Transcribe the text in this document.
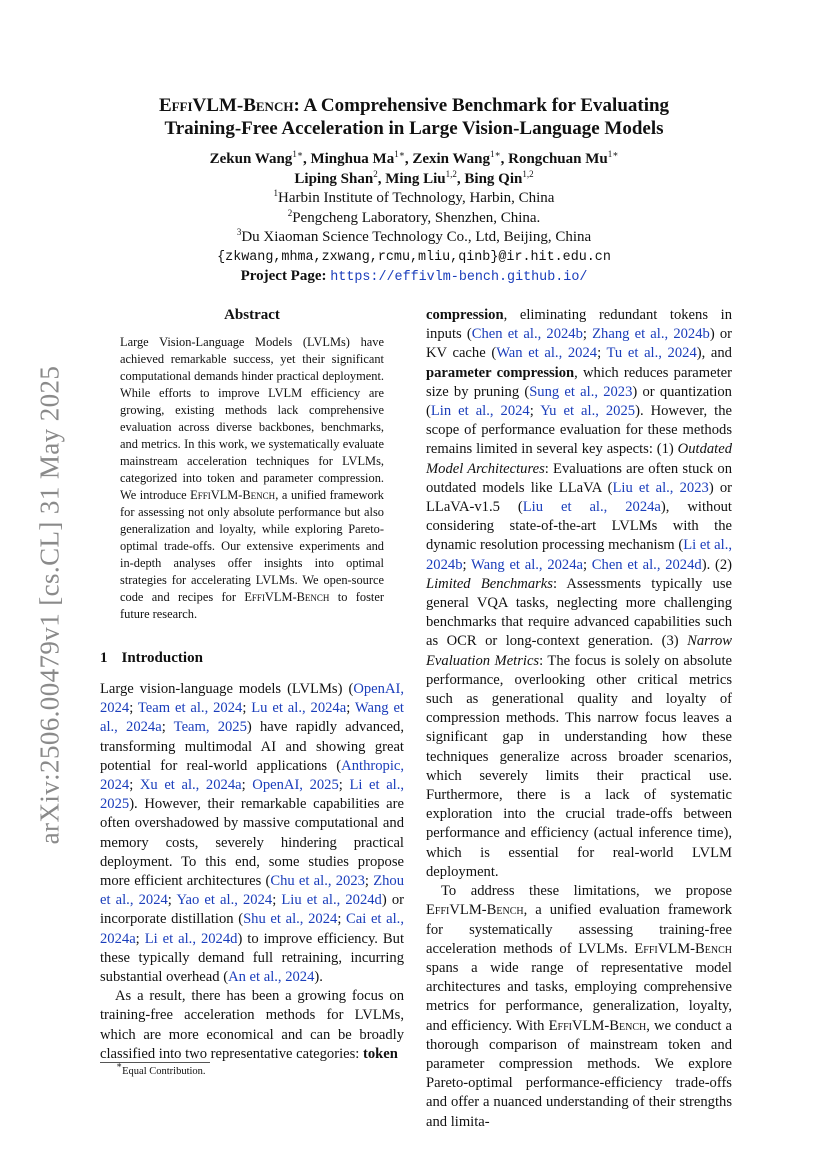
arXiv:2506.00479v1 [cs.CL] 31 May 2025
EffiVLM-Bench: A Comprehensive Benchmark for Evaluating
Training-Free Acceleration in Large Vision-Language Models
Zekun Wang$^{1∗}$, Minghua $Ma^{1∗}$, Zexin Wang$^{1∗}$, Rongchuan $Mu^{1∗}$
Liping Shan$^2$, Ming Liu$^{1,2}$, Bing Qin$^{1,2}$
$^1$Harbin Institute of Technology, Harbin, China
$^2$Pengcheng Laboratory, Shenzhen, China.
$^3$Du Xiaoman Science Technology Co., Ltd, Beijing, China
{zkwang,mhma,zxwang,rcmu,mliu,qinb}@ir.hit.edu.cn
Project Page: https://effivlm-bench.github.io/
Abstract
Large Vision-Language Models (LVLMs) have achieved remarkable success, yet their significant computational demands hinder practical deployment. While efforts to improve LVLM efficiency are growing, existing methods lack comprehensive evaluation across diverse backbones, benchmarks, and metrics. In this work, we systematically evaluate mainstream acceleration techniques for LVLMs, categorized into token and parameter compression. We introduce EffiVLM-Bench, a unified framework for assessing not only absolute performance but also generalization and loyalty, while exploring Pareto-optimal trade-offs. Our extensive experiments and in-depth analyses offer insights into optimal strategies for accelerating LVLMs. We open-source code and recipes for EffiVLM-Bench to foster future research.
1 Introduction

Large vision-language models (LVLMs) (OpenAI, 2024; Team et al., 2024; Lu et al., 2024a; Wang et al., 2024a; Team, 2025) have rapidly advanced, transforming multimodal AI and showing great potential for real-world applications (Anthropic, 2024; Xu et al., 2024a; OpenAI, 2025; Li et al., 2025). However, their remarkable capabilities are often overshadowed by massive computational and memory costs, severely hindering practical deployment. To this end, some studies propose more efficient architectures (Chu et al., 2023; Zhou et al., 2024; Yao et al., 2024; Liu et al., 2024d) or incorporate distillation (Shu et al., 2024; Cai et al., 2024a; Li et al., 2024d) to improve efficiency. But these typically demand full retraining, incurring substantial overhead (An et al., 2024).

As a result, there has been a growing focus on training-free acceleration methods for LVLMs, which are more economical and can be broadly classified into two representative categories: token

compression, eliminating redundant tokens in inputs (Chen et al., 2024b; Zhang et al., 2024b) or KV cache (Wan et al., 2024; Tu et al., 2024), and parameter compression, which reduces parameter size by pruning (Sung et al., 2023) or quantization (Lin et al., 2024; Yu et al., 2025). However, the scope of performance evaluation for these methods remains limited in several key aspects: (1) Outdated Model Architectures: Evaluations are often stuck on outdated models like LLaVA (Liu et al., 2023) or LLaVA-v1.5 (Liu et al., 2024a), without considering state-of-the-art LVLMs with the dynamic resolution processing mechanism (Li et al., 2024b; Wang et al., 2024a; Chen et al., 2024d). (2) Limited Benchmarks: Assessments typically use general VQA tasks, neglecting more challenging benchmarks that require advanced capabilities such as OCR or long-context generation. (3) Narrow Evaluation Metrics: The focus is solely on absolute performance, overlooking other critical metrics such as generational quality and loyalty of compression methods. This narrow focus leaves a significant gap in understanding how these techniques generalize across broader scenarios, which severely limits their practical use. Furthermore, there is a lack of systematic exploration into the crucial trade-offs between performance and efficiency (actual inference time), which is essential for real-world LVLM deployment.

To address these limitations, we propose EffiVLM-Bench, a unified evaluation framework for systematically assessing training-free acceleration methods of LVLMs. EffiVLM-Bench spans a wide range of representative model architectures and tasks, employing comprehensive metrics for performance, generalization, loyalty, and efficiency. With EffiVLM-Bench, we conduct a thorough comparison of mainstream token and parameter compression methods. We explore Pareto-optimal performance-efficiency trade-offs and offer a nuanced understanding of their strengths and limita-

∗Equal Contribution.
